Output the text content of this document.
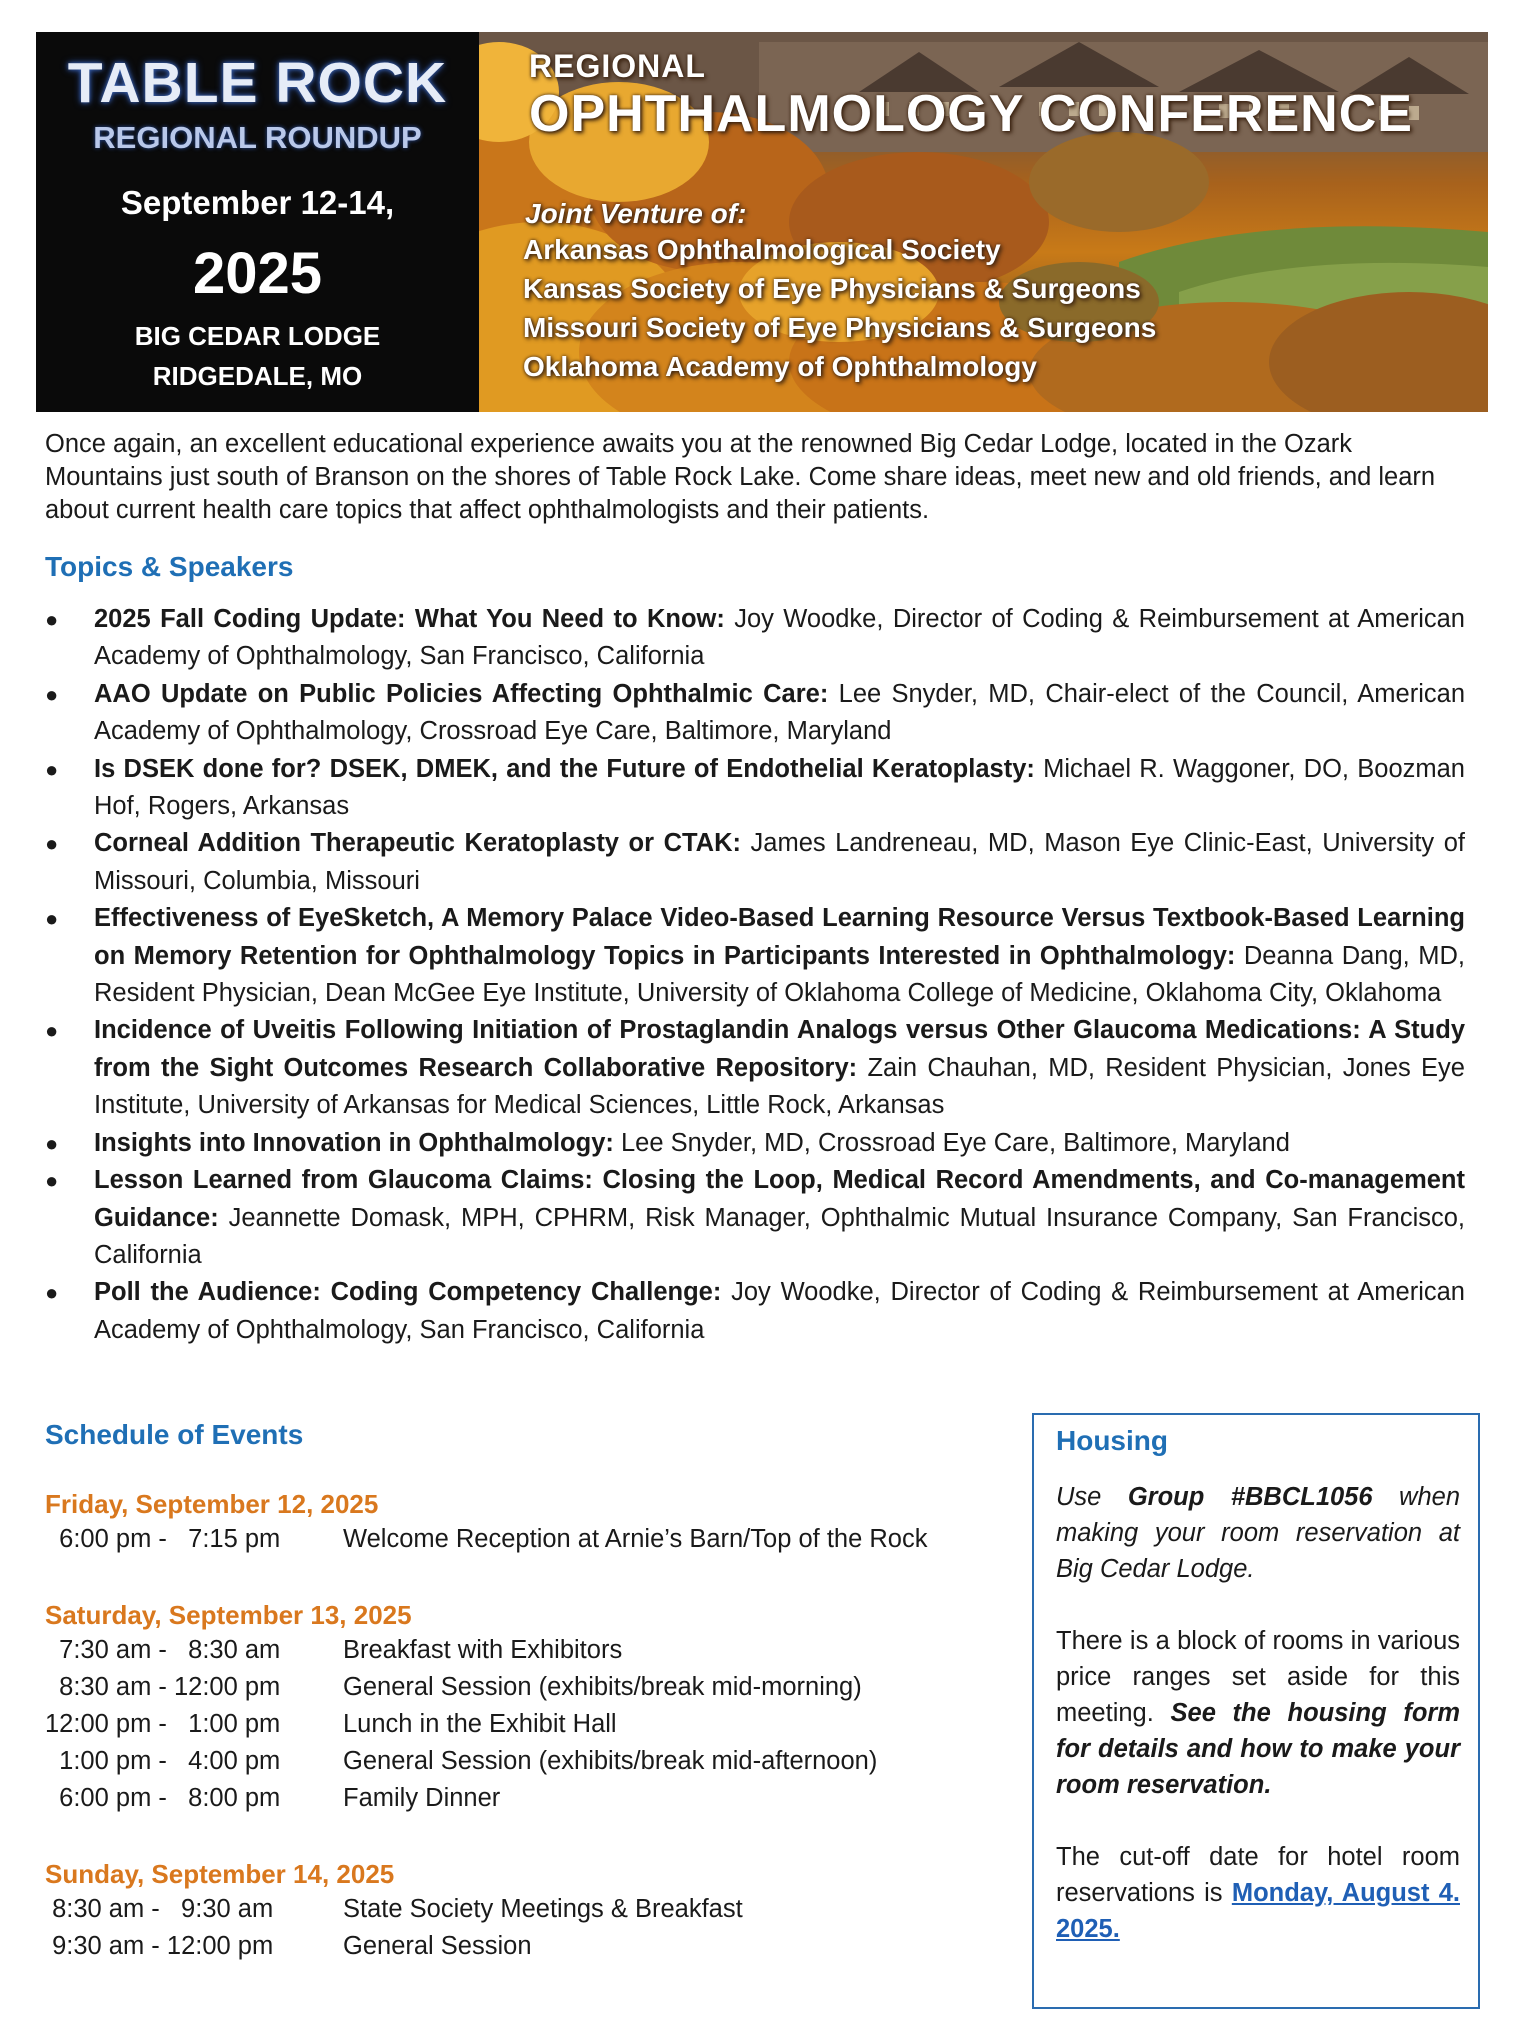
TABLE ROCK
REGIONAL ROUNDUP
September 12-14,
2025
BIG CEDAR LODGE
RIDGEDALE, MO
REGIONAL
OPHTHALMOLOGY CONFERENCE
Joint Venture of:
Arkansas Ophthalmological Society
Kansas Society of Eye Physicians & Surgeons
Missouri Society of Eye Physicians & Surgeons
Oklahoma Academy of Ophthalmology

Once again, an excellent educational experience awaits you at the renowned Big Cedar Lodge, located in the Ozark Mountains just south of Branson on the shores of Table Rock Lake. Come share ideas, meet new and old friends, and learn about current health care topics that affect ophthalmologists and their patients.

Topics & Speakers
● 2025 Fall Coding Update: What You Need to Know: Joy Woodke, Director of Coding & Reimbursement at American Academy of Ophthalmology, San Francisco, California
● AAO Update on Public Policies Affecting Ophthalmic Care: Lee Snyder, MD, Chair-elect of the Council, American Academy of Ophthalmology, Crossroad Eye Care, Baltimore, Maryland
● Is DSEK done for? DSEK, DMEK, and the Future of Endothelial Keratoplasty: Michael R. Waggoner, DO, Boozman Hof, Rogers, Arkansas
● Corneal Addition Therapeutic Keratoplasty or CTAK: James Landreneau, MD, Mason Eye Clinic-East, University of Missouri, Columbia, Missouri
● Effectiveness of EyeSketch, A Memory Palace Video-Based Learning Resource Versus Textbook-Based Learning on Memory Retention for Ophthalmology Topics in Participants Interested in Ophthalmology: Deanna Dang, MD, Resident Physician, Dean McGee Eye Institute, University of Oklahoma College of Medicine, Oklahoma City, Oklahoma
● Incidence of Uveitis Following Initiation of Prostaglandin Analogs versus Other Glaucoma Medications: A Study from the Sight Outcomes Research Collaborative Repository: Zain Chauhan, MD, Resident Physician, Jones Eye Institute, University of Arkansas for Medical Sciences, Little Rock, Arkansas
● Insights into Innovation in Ophthalmology: Lee Snyder, MD, Crossroad Eye Care, Baltimore, Maryland
● Lesson Learned from Glaucoma Claims: Closing the Loop, Medical Record Amendments, and Co-management Guidance: Jeannette Domask, MPH, CPHRM, Risk Manager, Ophthalmic Mutual Insurance Company, San Francisco, California
● Poll the Audience: Coding Competency Challenge: Joy Woodke, Director of Coding & Reimbursement at American Academy of Ophthalmology, San Francisco, California
Schedule of Events
Friday, September 12, 2025
6:00 pm -   7:15 pm	Welcome Reception at Arnie’s Barn/Top of the Rock
Saturday, September 13, 2025
7:30 am -   8:30 am	Breakfast with Exhibitors
8:30 am - 12:00 pm	General Session (exhibits/break mid-morning)
12:00 pm -   1:00 pm	Lunch in the Exhibit Hall
1:00 pm -   4:00 pm	General Session (exhibits/break mid-afternoon)
6:00 pm -   8:00 pm	Family Dinner
Sunday, September 14, 2025
8:30 am -   9:30 am	State Society Meetings & Breakfast
9:30 am - 12:00 pm	General Session
Housing
Use Group #BBCL1056 when making your room reservation at Big Cedar Lodge.
There is a block of rooms in various price ranges set aside for this meeting. See the housing form for details and how to make your room reservation.
The cut-off date for hotel room reservations is Monday, August 4. 2025.
